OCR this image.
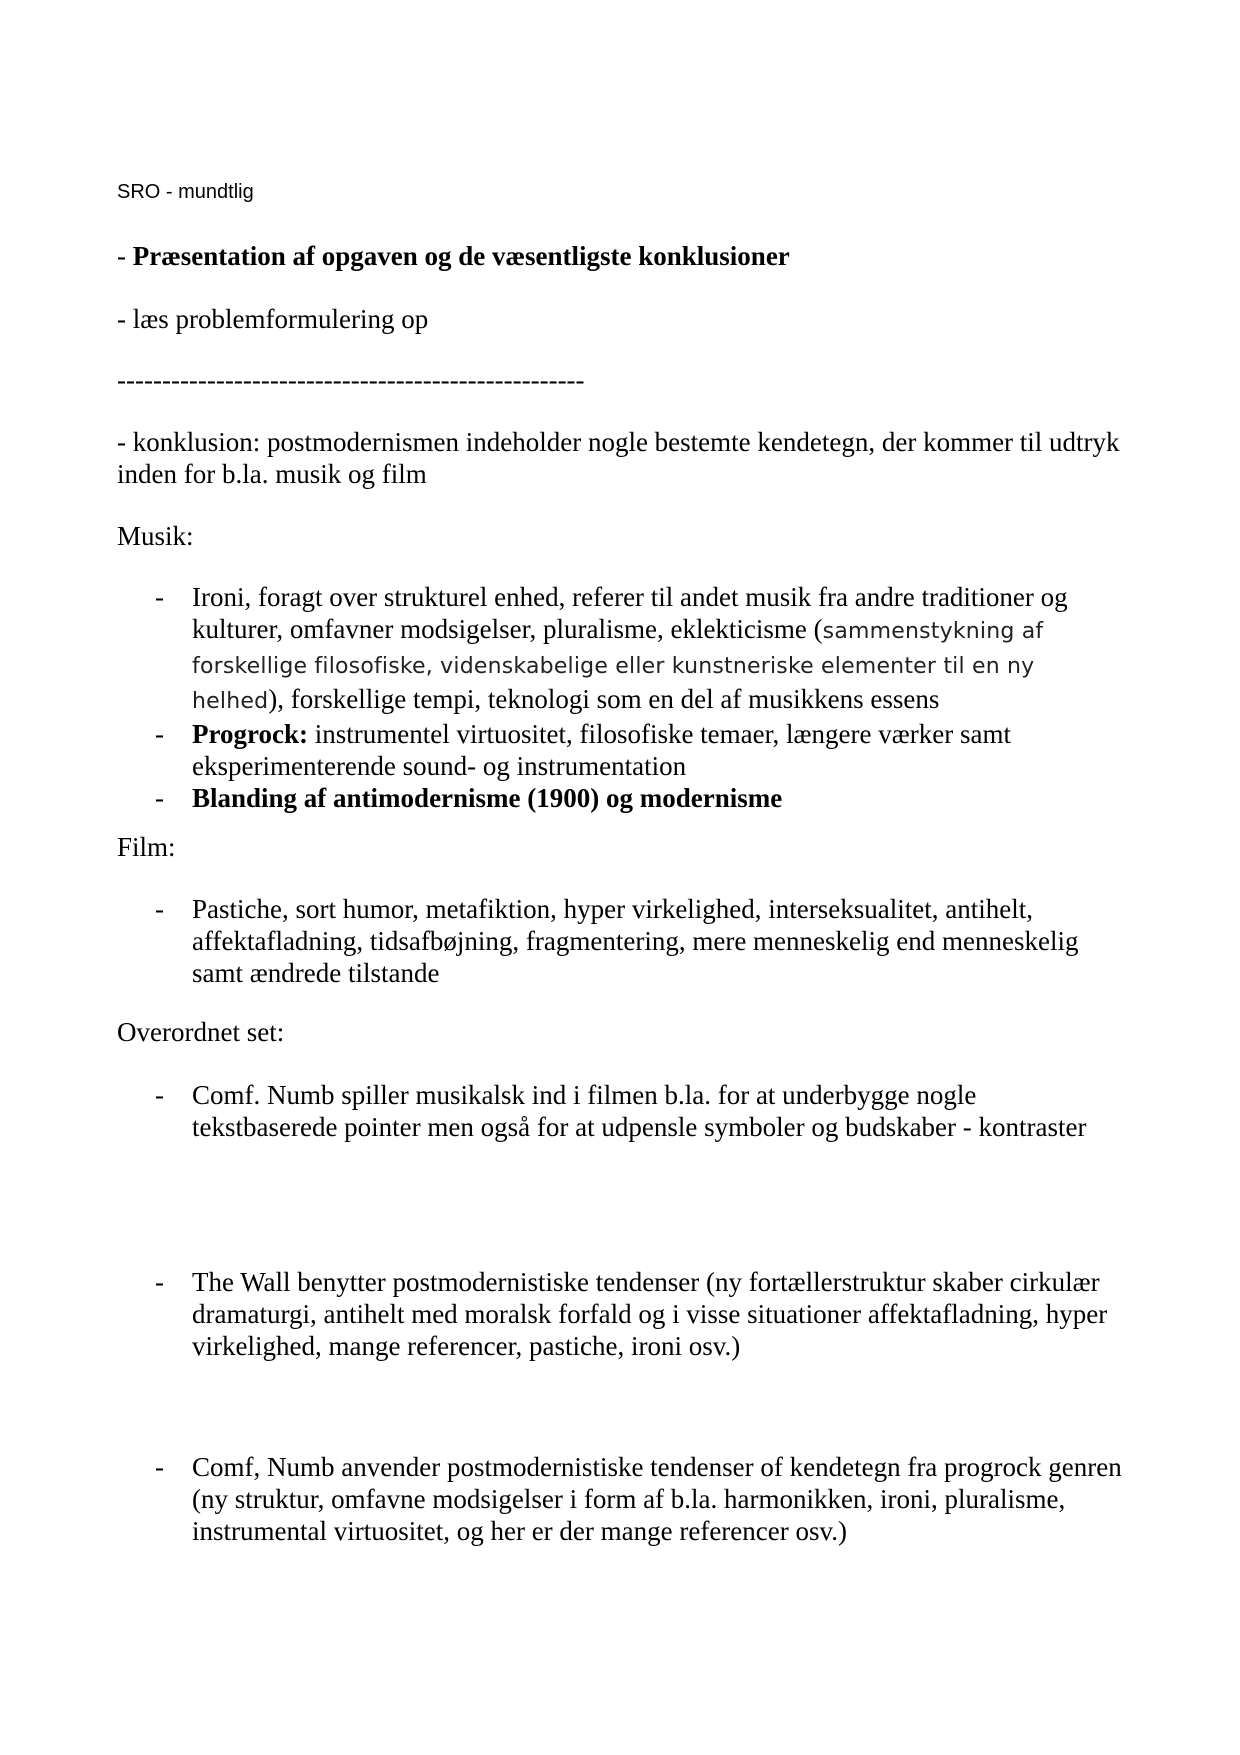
SRO - mundtlig

- Præsentation af opgaven og de væsentligste konklusioner

- læs problemformulering op

----------------------------------------------------

- konklusion: postmodernismen indeholder nogle bestemte kendetegn, der kommer til udtryk inden for b.la. musik og film

Musik:

- Ironi, foragt over strukturel enhed, referer til andet musik fra andre traditioner og kulturer, omfavner modsigelser, pluralisme, eklekticisme (sammenstykning af forskellige filosofiske, videnskabelige eller kunstneriske elementer til en ny helhed), forskellige tempi, teknologi som en del af musikkens essens
- Progrock: instrumentel virtuositet, filosofiske temaer, længere værker samt eksperimenterende sound- og instrumentation
- Blanding af antimodernisme (1900) og modernisme

Film:

- Pastiche, sort humor, metafiktion, hyper virkelighed, interseksualitet, antihelt, affektafladning, tidsafbøjning, fragmentering, mere menneskelig end menneskelig samt ændrede tilstande

Overordnet set:

- Comf. Numb spiller musikalsk ind i filmen b.la. for at underbygge nogle tekstbaserede pointer men også for at udpensle symboler og budskaber - kontraster
- The Wall benytter postmodernistiske tendenser (ny fortællerstruktur skaber cirkulær dramaturgi, antihelt med moralsk forfald og i visse situationer affektafladning, hyper virkelighed, mange referencer, pastiche, ironi osv.)
- Comf, Numb anvender postmodernistiske tendenser of kendetegn fra progrock genren (ny struktur, omfavne modsigelser i form af b.la. harmonikken, ironi, pluralisme, instrumental virtuositet, og her er der mange referencer osv.)
